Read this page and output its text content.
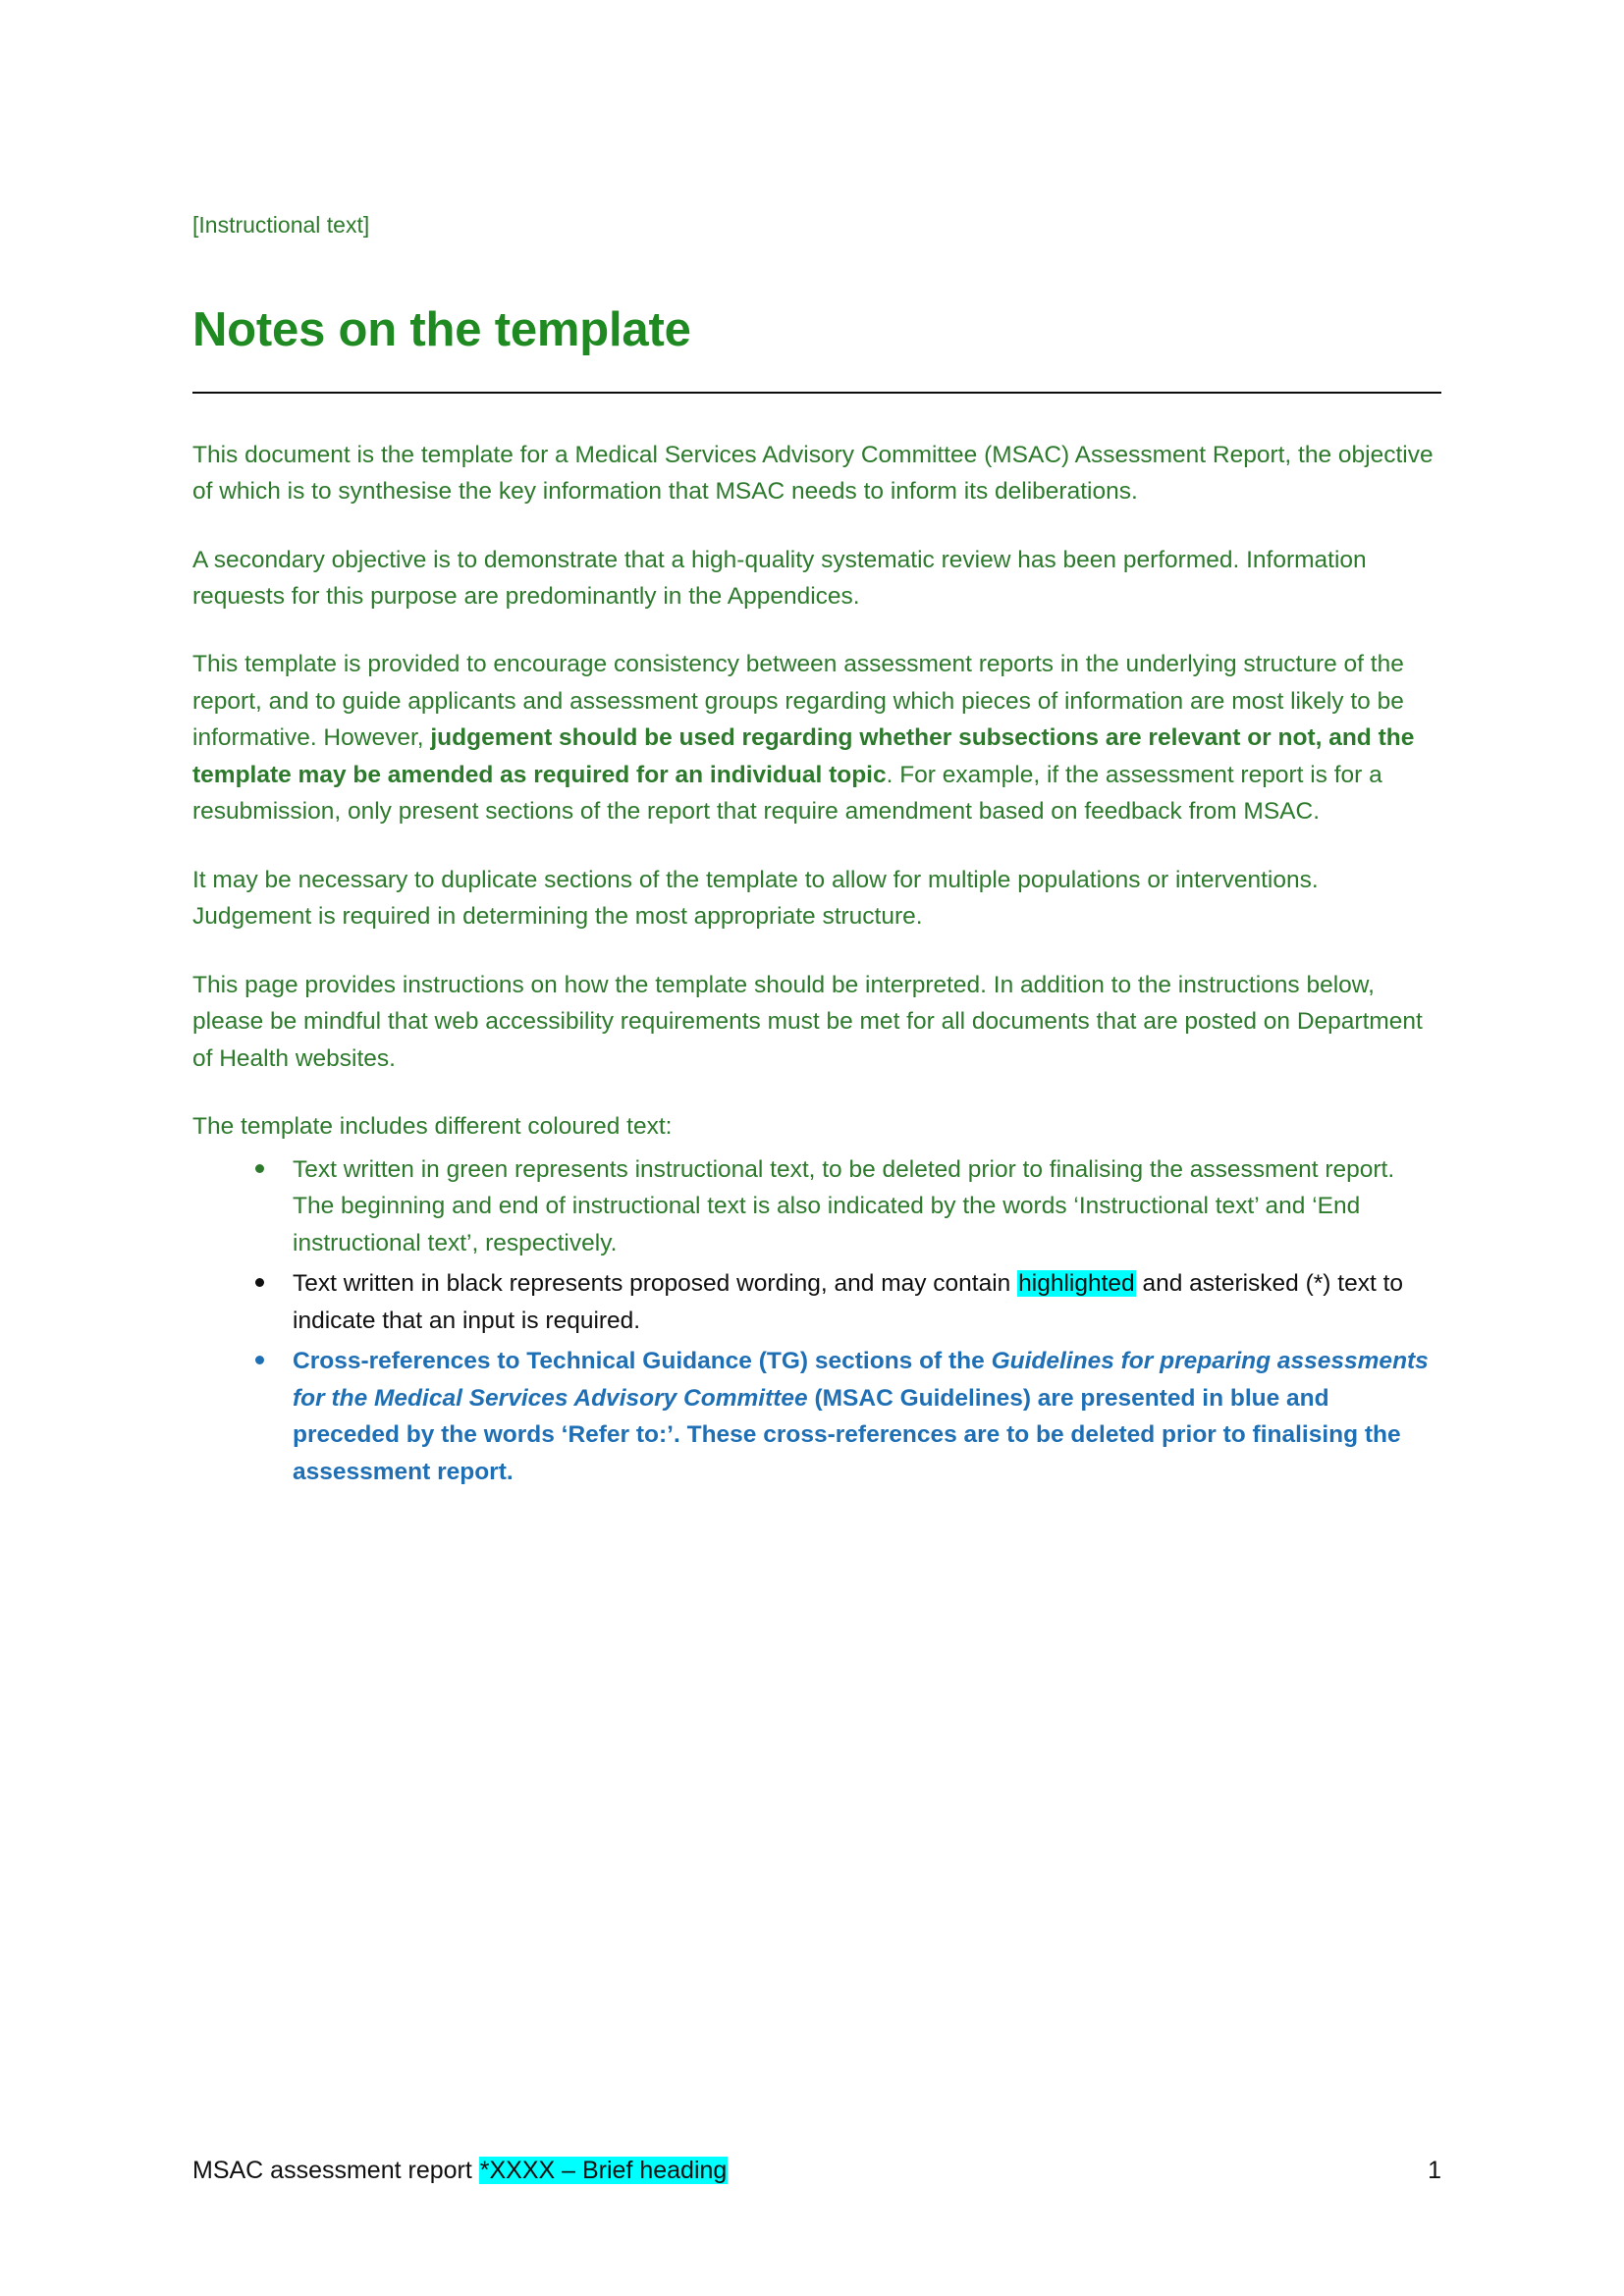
[Instructional text]
Notes on the template

This document is the template for a Medical Services Advisory Committee (MSAC) Assessment Report, the objective of which is to synthesise the key information that MSAC needs to inform its deliberations.

A secondary objective is to demonstrate that a high-quality systematic review has been performed. Information requests for this purpose are predominantly in the Appendices.

This template is provided to encourage consistency between assessment reports in the underlying structure of the report, and to guide applicants and assessment groups regarding which pieces of information are most likely to be informative. However, judgement should be used regarding whether subsections are relevant or not, and the template may be amended as required for an individual topic. For example, if the assessment report is for a resubmission, only present sections of the report that require amendment based on feedback from MSAC.

It may be necessary to duplicate sections of the template to allow for multiple populations or interventions. Judgement is required in determining the most appropriate structure.

This page provides instructions on how the template should be interpreted. In addition to the instructions below, please be mindful that web accessibility requirements must be met for all documents that are posted on Department of Health websites.

The template includes different coloured text:

Text written in green represents instructional text, to be deleted prior to finalising the assessment report. The beginning and end of instructional text is also indicated by the words ‘Instructional text’ and ‘End instructional text’, respectively.
Text written in black represents proposed wording, and may contain highlighted and asterisked (*) text to indicate that an input is required.
Cross-references to Technical Guidance (TG) sections of the Guidelines for preparing assessments for the Medical Services Advisory Committee (MSAC Guidelines) are presented in blue and preceded by the words ‘Refer to:’. These cross-references are to be deleted prior to finalising the assessment report.
MSAC assessment report *XXXX – Brief heading	1
